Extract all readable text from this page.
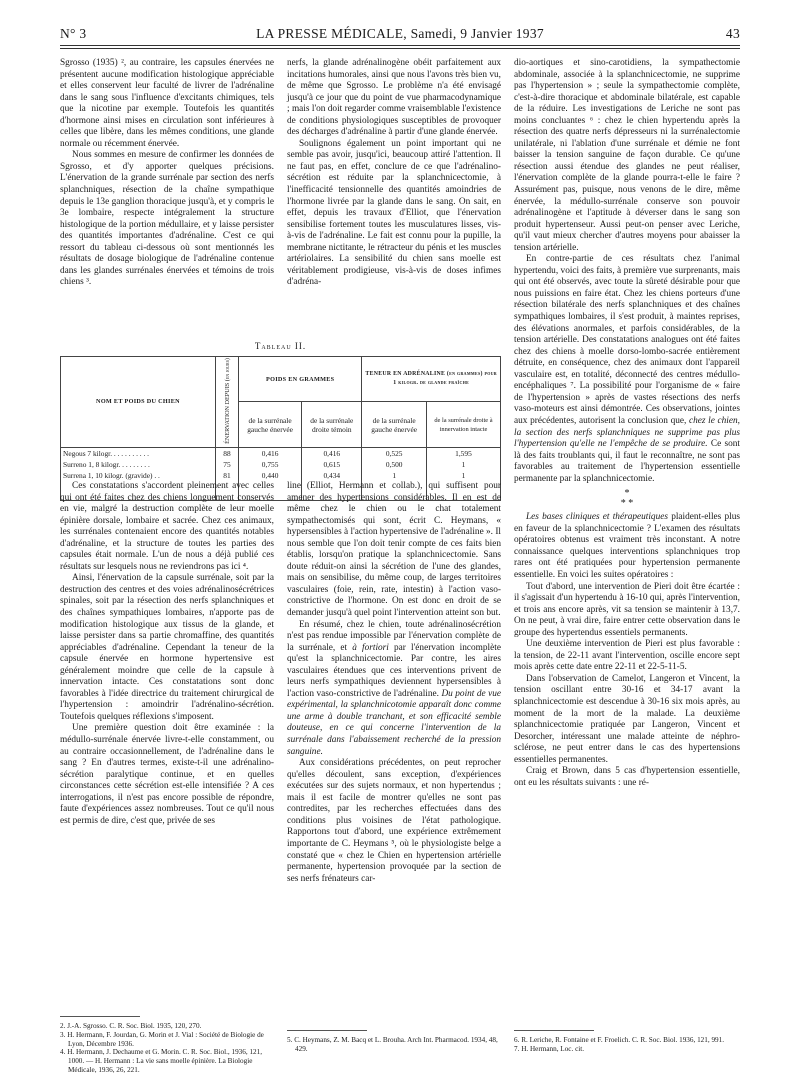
N° 3	LA PRESSE MÉDICALE, Samedi, 9 Janvier 1937	43

Sgrosso (1935) ², au contraire, les capsules énervées ne présentent aucune modification histologique appréciable et elles conservent leur faculté de livrer de l'adrénaline dans le sang sous l'influence d'excitants chimiques, tels que la nicotine par exemple. Toutefois les quantités d'hormone ainsi mises en circulation sont inférieures à celles que libère, dans les mêmes conditions, une glande normale ou récemment énervée.

Nous sommes en mesure de confirmer les données de Sgrosso, et d'y apporter quelques précisions. L'énervation de la grande surrénale par section des nerfs splanchniques, résection de la chaîne sympathique depuis le 13e ganglion thoracique jusqu'à, et y compris le 3e lombaire, respecte intégralement la structure histologique de la portion médullaire, et y laisse persister des quantités importantes d'adrénaline. C'est ce qui ressort du tableau ci-dessous où sont mentionnés les résultats de dosage biologique de l'adrénaline contenue dans les glandes surrénales énervées et témoins de trois chiens ³.

nerfs, la glande adrénalinogène obéit parfaitement aux incitations humorales, ainsi que nous l'avons très bien vu, de même que Sgrosso. Le problème n'a été envisagé jusqu'à ce jour que du point de vue pharmacodynamique ; mais l'on doit regarder comme vraisemblable l'existence de conditions physiologiques susceptibles de provoquer des décharges d'adrénaline à partir d'une glande énervée.

Soulignons également un point important qui ne semble pas avoir, jusqu'ici, beaucoup attiré l'attention. Il ne faut pas, en effet, conclure de ce que l'adrénalino-sécrétion est réduite par la splanchnicectomie, à l'inefficacité tensionnelle des quantités amoindries de l'hormone livrée par la glande dans le sang. On sait, en effet, depuis les travaux d'Elliot, que l'énervation sensibilise fortement toutes les musculatures lisses, vis-à-vis de l'adrénaline. Le fait est connu pour la pupille, la membrane nictitante, le rétracteur du pénis et les muscles artériolaires. La sensibilité du chien sans moelle est véritablement prodigieuse, vis-à-vis de doses infimes d'adréna-

Tableau II.
NOM ET POIDS DU CHIEN	ÉNERVATION DEPUIS (en jours)	POIDS EN GRAMMES		TENEUR EN ADRÉNALINE (en grammes) pour 1 kilogr. de glande fraîche	
		de la surrénale gauche énervée	de la surrénale droite témoin	de la surrénale gauche énervée	de la surrénale droite à innervation intacte
Negous 7 kilogr. . . . . . . . . . .	88	0,416	0,416	0,525	1,595
Surreno 1, 8 kilogr. . . . . . . . .	75	0,755	0,615	0,500	1
Surrena 1, 10 kilogr. (gravide) . .	81	0,440	0,434	1	1

Ces constatations s'accordent pleinement avec celles qui ont été faites chez des chiens longuement conservés en vie, malgré la destruction complète de leur moelle épinière dorsale, lombaire et sacrée. Chez ces animaux, les surrénales contenaient encore des quantités notables d'adrénaline, et la structure de toutes les parties des capsules était normale. L'un de nous a déjà publié ces résultats sur lesquels nous ne reviendrons pas ici ⁴.

Ainsi, l'énervation de la capsule surrénale, soit par la destruction des centres et des voies adrénalinosécrétrices spinales, soit par la résection des nerfs splanchniques et des chaînes sympathiques lombaires, n'apporte pas de modification histologique aux tissus de la glande, et laisse persister dans sa partie chromaffine, des quantités appréciables d'adrénaline. Cependant la teneur de la capsule énervée en hormone hypertensive est généralement moindre que celle de la capsule à innervation intacte. Ces constatations sont donc favorables à l'idée directrice du traitement chirurgical de l'hypertension : amoindrir l'adrénalino-sécrétion. Toutefois quelques réflexions s'imposent.

Une première question doit être examinée : la médullo-surrénale énervée livre-t-elle constamment, ou au contraire occasionnellement, de l'adrénaline dans le sang ? En d'autres termes, existe-t-il une adrénalino-sécrétion paralytique continue, et en quelles circonstances cette sécrétion est-elle intensifiée ? A ces interrogations, il n'est pas encore possible de répondre, faute d'expériences assez nombreuses. Tout ce qu'il nous est permis de dire, c'est que, privée de ses

2. J.-A. Sgrosso. C. R. Soc. Biol. 1935, 120, 270.
3. H. Hermann, F. Jourdan, G. Morin et J. Vial : Société de Biologie de Lyon, Décembre 1936.
4. H. Hermann, J. Dechaume et G. Morin. C. R. Soc. Biol., 1936, 121, 1000. — H. Hermann : La vie sans moelle épinière. La Biologie Médicale, 1936, 26, 221.

line (Elliot, Hermann et collab.), qui suffisent pour amener des hypertensions considérables. Il en est de même chez le chien ou le chat totalement sympathectomisés qui sont, écrit C. Heymans, « hypersensibles à l'action hypertensive de l'adrénaline ». Il nous semble que l'on doit tenir compte de ces faits bien établis, lorsqu'on pratique la splanchnicectomie. Sans doute réduit-on ainsi la sécrétion de l'une des glandes, mais on sensibilise, du même coup, de larges territoires vasculaires (foie, rein, rate, intestin) à l'action vaso-constrictive de l'hormone. On est donc en droit de se demander jusqu'à quel point l'intervention atteint son but.

En résumé, chez le chien, toute adrénalinosécrétion n'est pas rendue impossible par l'énervation complète de la surrénale, et à fortiori par l'énervation incomplète qu'est la splanchnicectomie. Par contre, les aires vasculaires étendues que ces interventions privent de leurs nerfs sympathiques deviennent hypersensibles à l'action vaso-constrictive de l'adrénaline. Du point de vue expérimental, la splanchnicotomie apparaît donc comme une arme à double tranchant, et son efficacité semble douteuse, en ce qui concerne l'intervention de la surrénale dans l'abaissement recherché de la pression sanguine.

Aux considérations précédentes, on peut reprocher qu'elles découlent, sans exception, d'expériences exécutées sur des sujets normaux, et non hypertendus ; mais il est facile de montrer qu'elles ne sont pas contredites, par les recherches effectuées dans des conditions plus voisines de l'état pathologique. Rapportons tout d'abord, une expérience extrêmement importante de C. Heymans ⁵, où le physiologiste belge a constaté que « chez le Chien en hypertension artérielle permanente, hypertension provoquée par la section de ses nerfs frénateurs car-

5. C. Heymans, Z. M. Bacq et L. Brouha. Arch Int. Pharmacod. 1934, 48, 429.

dio-aortiques et sino-carotidiens, la sympathectomie abdominale, associée à la splanchnicectomie, ne supprime pas l'hypertension » ; seule la sympathectomie complète, c'est-à-dire thoracique et abdominale bilatérale, est capable de la réduire. Les investigations de Leriche ne sont pas moins concluantes ⁶ : chez le chien hypertendu après la résection des quatre nerfs dépresseurs ni la surrénalectomie unilatérale, ni l'ablation d'une surrénale et démie ne font baisser la tension sanguine de façon durable. Ce qu'une résection aussi étendue des glandes ne peut réaliser, l'énervation complète de la glande pourra-t-elle le faire ? Assurément pas, puisque, nous venons de le dire, même énervée, la médullo-surrénale conserve son pouvoir adrénalinogène et l'aptitude à déverser dans le sang son produit hypertenseur. Aussi peut-on penser avec Leriche, qu'il vaut mieux chercher d'autres moyens pour abaisser la tension artérielle.

En contre-partie de ces résultats chez l'animal hypertendu, voici des faits, à première vue surprenants, mais qui ont été observés, avec toute la sûreté désirable pour que nous puissions en faire état. Chez les chiens porteurs d'une résection bilatérale des nerfs splanchniques et des chaînes sympathiques lombaires, il s'est produit, à maintes reprises, des élévations anormales, et parfois considérables, de la tension artérielle. Des constatations analogues ont été faites chez des chiens à moelle dorso-lombo-sacrée entièrement détruite, en conséquence, chez des animaux dont l'appareil vasculaire est, en totalité, déconnecté des centres médullo-encéphaliques ⁷. La possibilité pour l'organisme de « faire de l'hypertension » après de vastes résections des nerfs vaso-moteurs est ainsi démontrée. Ces observations, jointes aux précédentes, autorisent la conclusion que, chez le chien, la section des nerfs splanchniques ne supprime pas plus l'hypertension qu'elle ne l'empêche de se produire. Ce sont là des faits troublants qui, il faut le reconnaître, ne sont pas favorables au traitement de l'hypertension essentielle permanente par la splanchnicectomie.

*
* *

Les bases cliniques et thérapeutiques plaident-elles plus en faveur de la splanchnicectomie ? L'examen des résultats opératoires obtenus est vraiment très inconstant. A notre connaissance quelques interventions splanchniques trop rares ont été pratiquées pour hypertension permanente essentielle. En voici les suites opératoires :

Tout d'abord, une intervention de Pieri doit être écartée : il s'agissait d'un hypertendu à 16-10 qui, après l'intervention, et trois ans encore après, vit sa tension se maintenir à 13,7. On ne peut, à vrai dire, faire entrer cette observation dans le groupe des hypertendus essentiels permanents.

Une deuxième intervention de Pieri est plus favorable : la tension, de 22-11 avant l'intervention, oscille encore sept mois après cette date entre 22-11 et 22-5-11-5.

Dans l'observation de Camelot, Langeron et Vincent, la tension oscillant entre 30-16 et 34-17 avant la splanchnicectomie est descendue à 30-16 six mois après, au moment de la mort de la malade. La deuxième splanchnicectomie pratiquée par Langeron, Vincent et Desorcher, intéressant une malade atteinte de néphro-sclérose, ne peut entrer dans le cas des hypertensions essentielles permanentes.

Craig et Brown, dans 5 cas d'hypertension essentielle, ont eu les résultats suivants : une ré-

6. R. Leriche, R. Fontaine et F. Froelich. C. R. Soc. Biol. 1936, 121, 991.
7. H. Hermann, Loc. cit.
